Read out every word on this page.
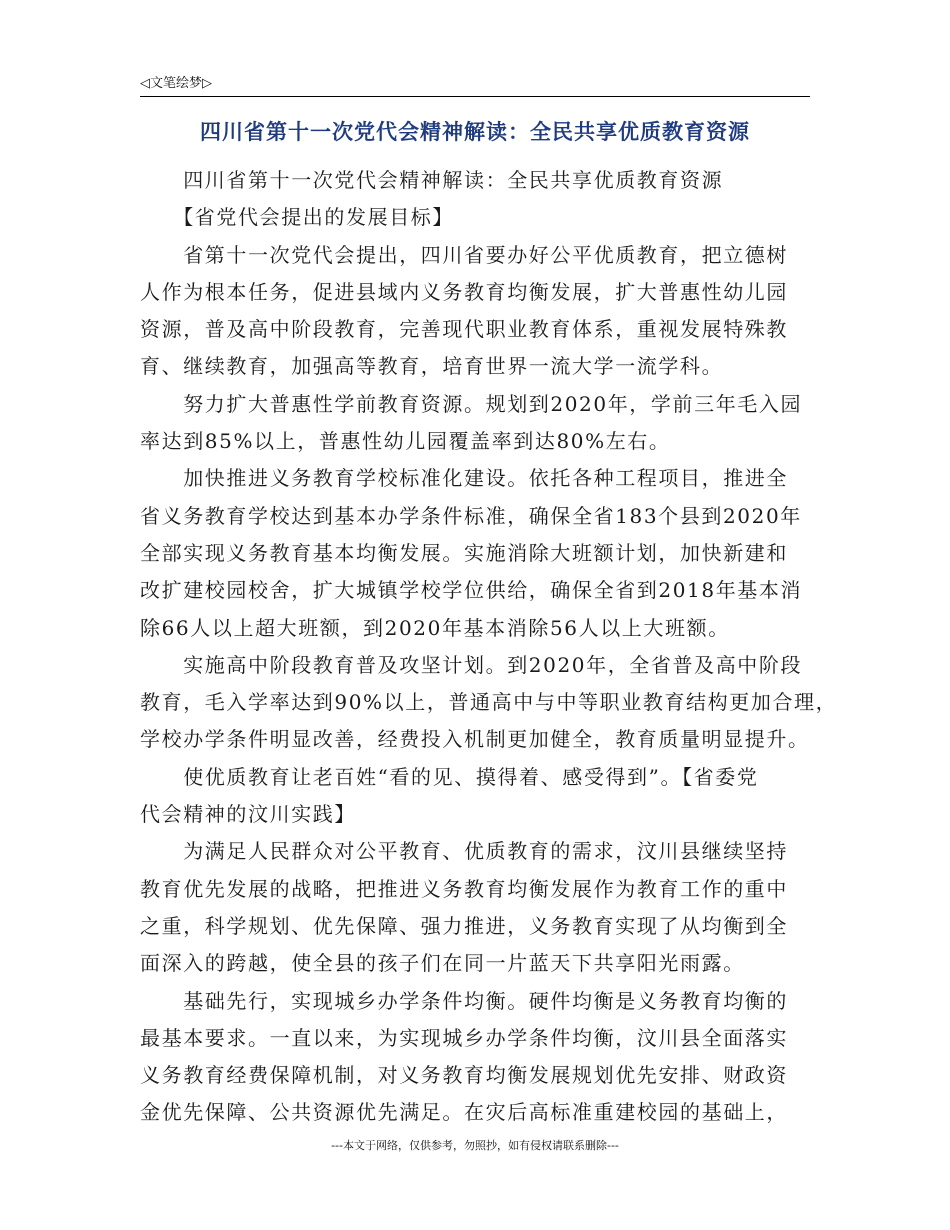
◁文笔绘梦▷
四川省第十一次党代会精神解读：全民共享优质教育资源
　　四川省第十一次党代会精神解读：全民共享优质教育资源
　　【省党代会提出的发展目标】
　　省第十一次党代会提出，四川省要办好公平优质教育，把立德树
人作为根本任务，促进县域内义务教育均衡发展，扩大普惠性幼儿园
资源，普及高中阶段教育，完善现代职业教育体系，重视发展特殊教
育、继续教育，加强高等教育，培育世界一流大学一流学科。
　　努力扩大普惠性学前教育资源。规划到2020年，学前三年毛入园
率达到85%以上，普惠性幼儿园覆盖率到达80%左右。
　　加快推进义务教育学校标准化建设。依托各种工程项目，推进全
省义务教育学校达到基本办学条件标准，确保全省183个县到2020年
全部实现义务教育基本均衡发展。实施消除大班额计划，加快新建和
改扩建校园校舍，扩大城镇学校学位供给，确保全省到2018年基本消
除66人以上超大班额，到2020年基本消除56人以上大班额。
　　实施高中阶段教育普及攻坚计划。到2020年，全省普及高中阶段
教育，毛入学率达到90%以上，普通高中与中等职业教育结构更加合理，
学校办学条件明显改善，经费投入机制更加健全，教育质量明显提升。
　　使优质教育让老百姓“看的见、摸得着、感受得到”。【省委党
代会精神的汶川实践】
　　为满足人民群众对公平教育、优质教育的需求，汶川县继续坚持
教育优先发展的战略，把推进义务教育均衡发展作为教育工作的重中
之重，科学规划、优先保障、强力推进，义务教育实现了从均衡到全
面深入的跨越，使全县的孩子们在同一片蓝天下共享阳光雨露。
　　基础先行，实现城乡办学条件均衡。硬件均衡是义务教育均衡的
最基本要求。一直以来，为实现城乡办学条件均衡，汶川县全面落实
义务教育经费保障机制，对义务教育均衡发展规划优先安排、财政资
金优先保障、公共资源优先满足。在灾后高标准重建校园的基础上，
---本文于网络，仅供参考，勿照抄，如有侵权请联系删除---
